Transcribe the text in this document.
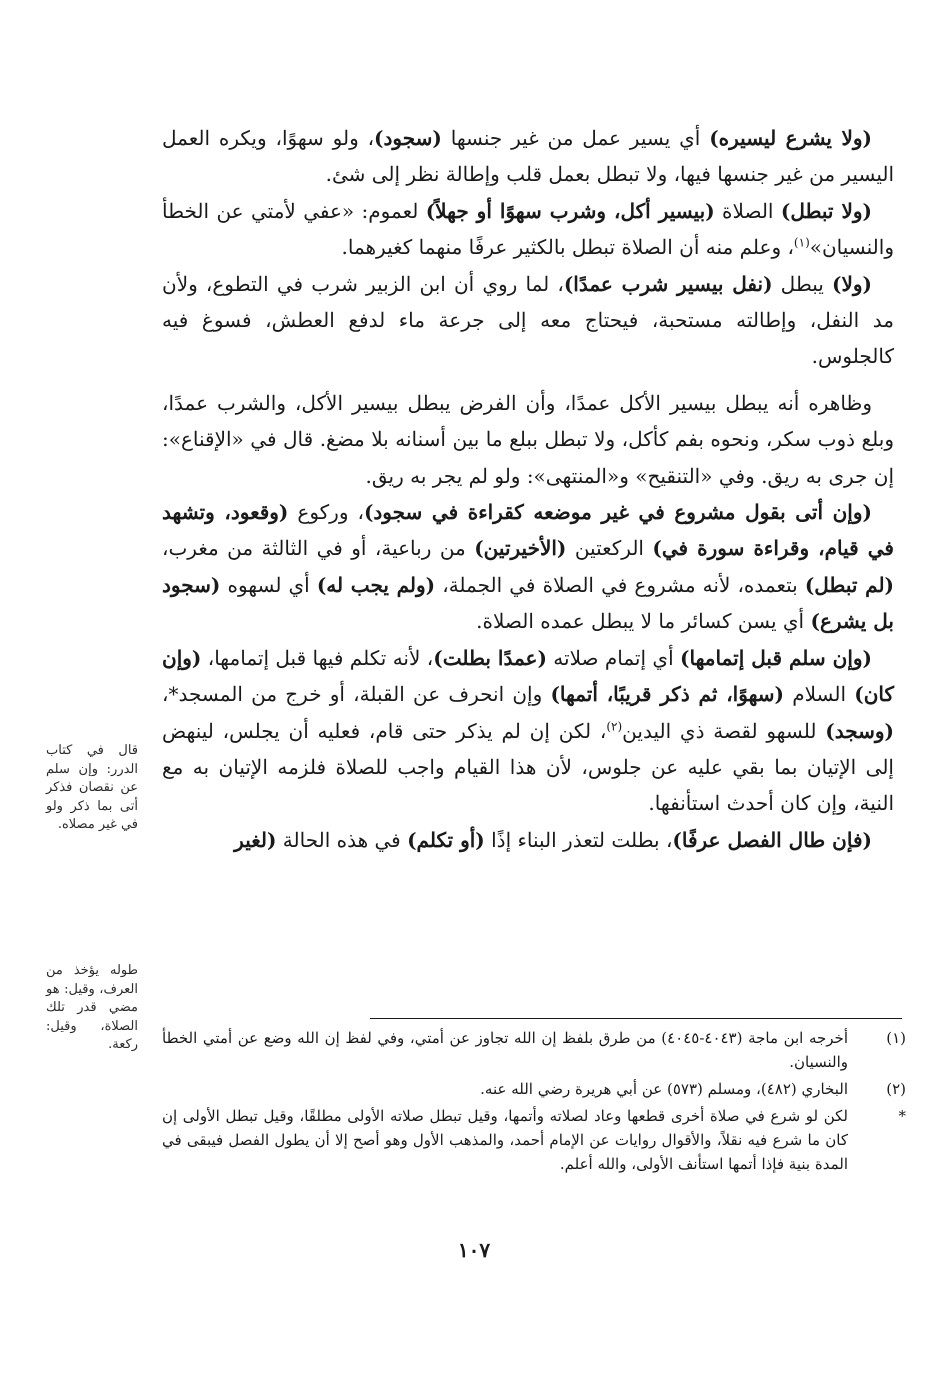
(ولا يشرع ليسيره) أي يسير عمل من غير جنسها (سجود)، ولو سهوًا، ويكره العمل اليسير من غير جنسها فيها، ولا تبطل بعمل قلب وإطالة نظر إلى شئ.

(ولا تبطل) الصلاة (بيسير أكل، وشرب سهوًا أو جهلاً) لعموم: «عفي لأمتي عن الخطأ والنسيان»$^{(١)}$، وعلم منه أن الصلاة تبطل بالكثير عرفًا منهما كغيرهما.

(ولا) يبطل (نفل بيسير شرب عمدًا)، لما روي أن ابن الزبير شرب في التطوع، ولأن مد النفل، وإطالته مستحبة، فيحتاج معه إلى جرعة ماء لدفع العطش، فسوغ فيه كالجلوس.

وظاهره أنه يبطل بيسير الأكل عمدًا، وأن الفرض يبطل بيسير الأكل، والشرب عمدًا، وبلع ذوب سكر، ونحوه بفم كأكل، ولا تبطل ببلع ما بين أسنانه بلا مضغ. قال في «الإقناع»: إن جرى به ريق. وفي «التنقيح» و«المنتهى»: ولو لم يجر به ريق.

(وإن أتى بقول مشروع في غير موضعه كقراءة في سجود)، وركوع (وقعود، وتشهد في قيام، وقراءة سورة في) الركعتين (الأخيرتين) من رباعية، أو في الثالثة من مغرب، (لم تبطل) بتعمده، لأنه مشروع في الصلاة في الجملة، (ولم يجب له) أي لسهوه (سجود بل يشرع) أي يسن كسائر ما لا يبطل عمده الصلاة.

(وإن سلم قبل إتمامها) أي إتمام صلاته (عمدًا بطلت)، لأنه تكلم فيها قبل إتمامها، (وإن كان) السلام (سهوًا، ثم ذكر قريبًا، أتمها) وإن انحرف عن القبلة، أو خرج من المسجد*، (وسجد) للسهو لقصة ذي اليدين$^{(٢)}$، لكن إن لم يذكر حتى قام، فعليه أن يجلس، لينهض إلى الإتيان بما بقي عليه عن جلوس، لأن هذا القيام واجب للصلاة فلزمه الإتيان به مع النية، وإن كان أحدث استأنفها.

(فإن طال الفصل عرفًا)، بطلت لتعذر البناء إذًا (أو تكلم) في هذه الحالة (لغير

قال في كتاب الدرر: وإن سلم عن نقصان فذكر أتى بما ذكر ولو في غير مصلاه.
طوله يؤخذ من العرف، وقيل: هو مضي قدر تلك الصلاة، وقيل: ركعة.	(١)
أخرجه ابن ماجة (٤٠٤٣-٤٠٤٥) من طرق بلفظ إن الله تجاوز عن أمتي، وفي لفظ إن الله وضع عن أمتي الخطأ والنسيان.
(٢)
البخاري (٤٨٢)، ومسلم (٥٧٣) عن أبي هريرة رضي الله عنه.
*
لكن لو شرع في صلاة أخرى قطعها وعاد لصلاته وأتمها، وقيل تبطل صلاته الأولى مطلقًا، وقيل تبطل الأولى إن كان ما شرع فيه نقلاً، والأقوال روايات عن الإمام أحمد، والمذهب الأول وهو أصح إلا أن يطول الفصل فيبقى في المدة بنية فإذا أتمها استأنف الأولى، والله أعلم.
١٠٧
